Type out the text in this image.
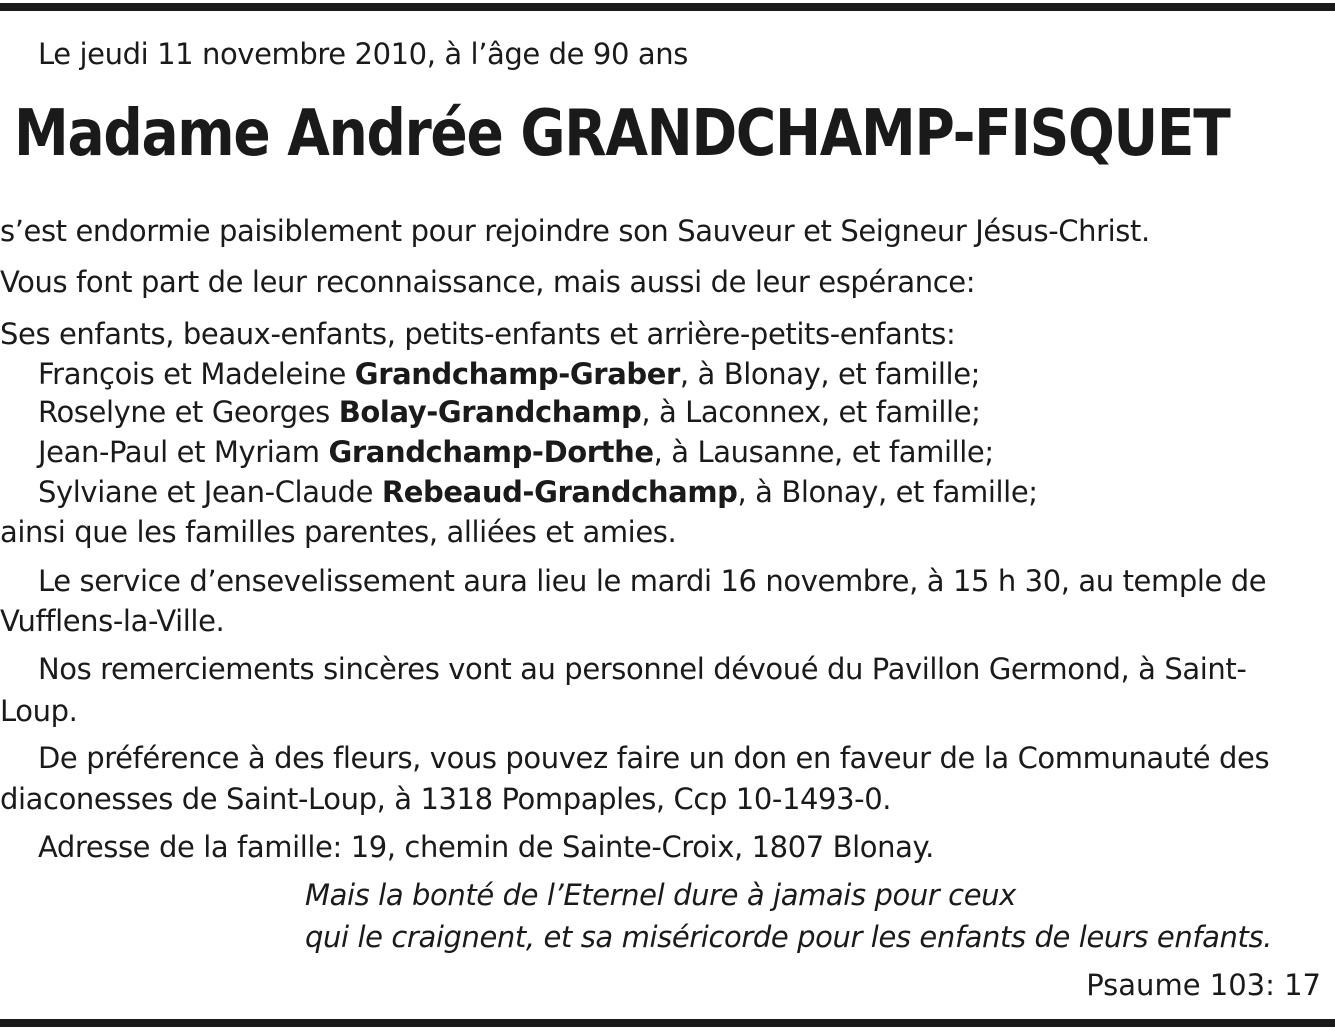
Le jeudi 11 novembre 2010, à l’âge de 90 ans
Madame Andrée GRANDCHAMP-FISQUET
s’est endormie paisiblement pour rejoindre son Sauveur et Seigneur Jésus-Christ.
Vous font part de leur reconnaissance, mais aussi de leur espérance:
Ses enfants, beaux-enfants, petits-enfants et arrière-petits-enfants:
François et Madeleine Grandchamp-Graber, à Blonay, et famille;
Roselyne et Georges Bolay-Grandchamp, à Laconnex, et famille;
Jean-Paul et Myriam Grandchamp-Dorthe, à Lausanne, et famille;
Sylviane et Jean-Claude Rebeaud-Grandchamp, à Blonay, et famille;
ainsi que les familles parentes, alliées et amies.
Le service d’ensevelissement aura lieu le mardi 16 novembre, à 15 h 30, au temple de
Vufflens-la-Ville.
Nos remerciements sincères vont au personnel dévoué du Pavillon Germond, à Saint-
Loup.
De préférence à des fleurs, vous pouvez faire un don en faveur de la Communauté des
diaconesses de Saint-Loup, à 1318 Pompaples, Ccp 10-1493-0.
Adresse de la famille: 19, chemin de Sainte-Croix, 1807 Blonay.
Mais la bonté de l’Eternel dure à jamais pour ceux
qui le craignent, et sa miséricorde pour les enfants de leurs enfants.
Psaume 103: 17
